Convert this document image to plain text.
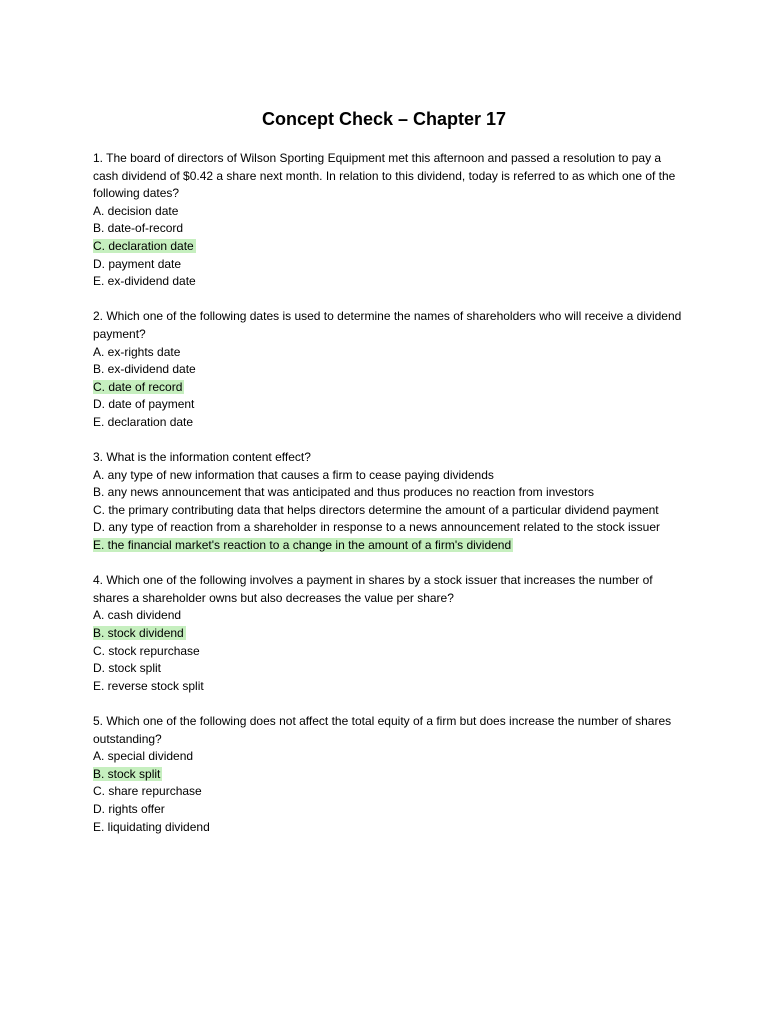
Concept Check – Chapter 17

1. The board of directors of Wilson Sporting Equipment met this afternoon and passed a resolution to pay a cash dividend of $0.42 a share next month. In relation to this dividend, today is referred to as which one of the following dates?

A. decision date

B. date-of-record

C. declaration date

D. payment date

E. ex-dividend date

2. Which one of the following dates is used to determine the names of shareholders who will receive a dividend payment?

A. ex-rights date

B. ex-dividend date

C. date of record

D. date of payment

E. declaration date

3. What is the information content effect?

A. any type of new information that causes a firm to cease paying dividends

B. any news announcement that was anticipated and thus produces no reaction from investors

C. the primary contributing data that helps directors determine the amount of a particular dividend payment

D. any type of reaction from a shareholder in response to a news announcement related to the stock issuer

E. the financial market's reaction to a change in the amount of a firm's dividend

4. Which one of the following involves a payment in shares by a stock issuer that increases the number of shares a shareholder owns but also decreases the value per share?

A. cash dividend

B. stock dividend

C. stock repurchase

D. stock split

E. reverse stock split

5. Which one of the following does not affect the total equity of a firm but does increase the number of shares outstanding?

A. special dividend

B. stock split

C. share repurchase

D. rights offer

E. liquidating dividend
